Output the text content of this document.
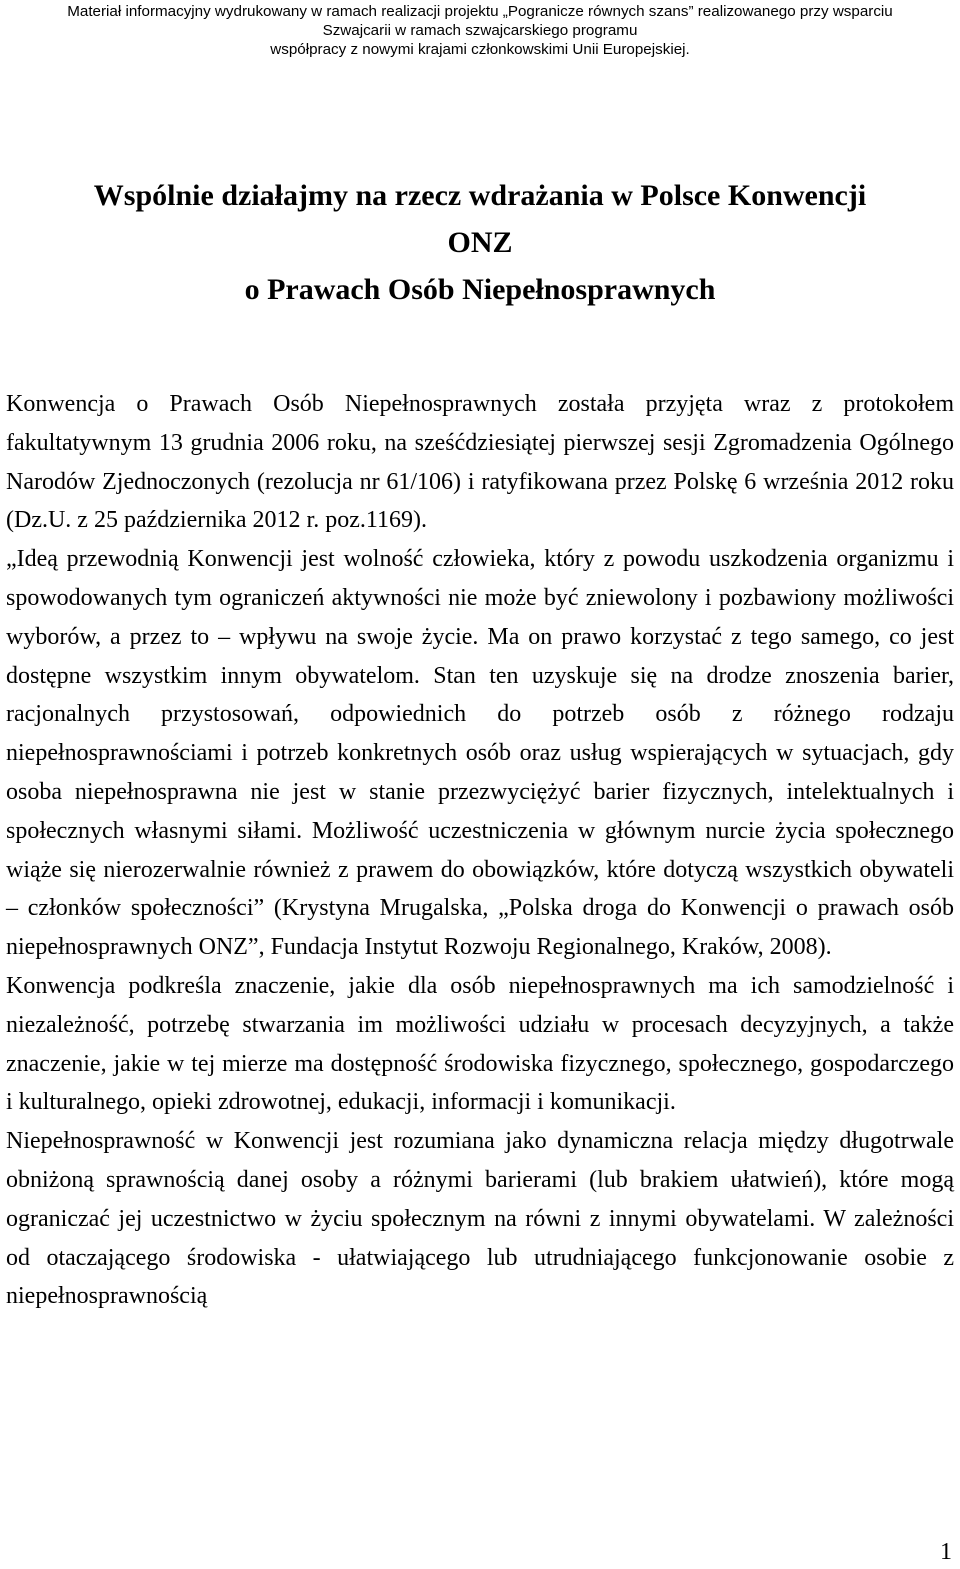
Materiał informacyjny wydrukowany w ramach realizacji projektu „Pogranicze równych szans” realizowanego przy wsparciu
Szwajcarii w ramach szwajcarskiego programu
współpracy z nowymi krajami członkowskimi Unii Europejskiej.
Wspólnie działajmy na rzecz wdrażania w Polsce Konwencji
ONZ
o Prawach Osób Niepełnosprawnych

Konwencja o Prawach Osób Niepełnosprawnych została przyjęta wraz z protokołem fakultatywnym 13 grudnia 2006 roku, na sześćdziesiątej pierwszej sesji Zgromadzenia Ogólnego Narodów Zjednoczonych (rezolucja nr 61/106) i ratyfikowana przez Polskę 6 września 2012 roku (Dz.U. z 25 października 2012 r. poz.1169).

„Ideą przewodnią Konwencji jest wolność człowieka, który z powodu uszkodzenia organizmu i spowodowanych tym ograniczeń aktywności nie może być zniewolony i pozbawiony możliwości wyborów, a przez to – wpływu na swoje życie. Ma on prawo korzystać z tego samego, co jest dostępne wszystkim innym obywatelom. Stan ten uzyskuje się na drodze znoszenia barier, racjonalnych przystosowań, odpowiednich do potrzeb osób z różnego rodzaju niepełnosprawnościami i potrzeb konkretnych osób oraz usług wspierających w sytuacjach, gdy osoba niepełnosprawna nie jest w stanie przezwyciężyć barier fizycznych, intelektualnych i społecznych własnymi siłami. Możliwość uczestniczenia w głównym nurcie życia społecznego wiąże się nierozerwalnie również z prawem do obowiązków, które dotyczą wszystkich obywateli – członków społeczności” (Krystyna Mrugalska, „Polska droga do Konwencji o prawach osób niepełnosprawnych ONZ”, Fundacja Instytut Rozwoju Regionalnego, Kraków, 2008).

Konwencja podkreśla znaczenie, jakie dla osób niepełnosprawnych ma ich samodzielność i niezależność, potrzebę stwarzania im możliwości udziału w procesach decyzyjnych, a także znaczenie, jakie w tej mierze ma dostępność środowiska fizycznego, społecznego, gospodarczego i kulturalnego, opieki zdrowotnej, edukacji, informacji i komunikacji.

Niepełnosprawność w Konwencji jest rozumiana jako dynamiczna relacja między długotrwale obniżoną sprawnością danej osoby a różnymi barierami (lub brakiem ułatwień), które mogą ograniczać jej uczestnictwo w życiu społecznym na równi z innymi obywatelami. W zależności od otaczającego środowiska - ułatwiającego lub utrudniającego funkcjonowanie osobie z niepełnosprawnością

1
